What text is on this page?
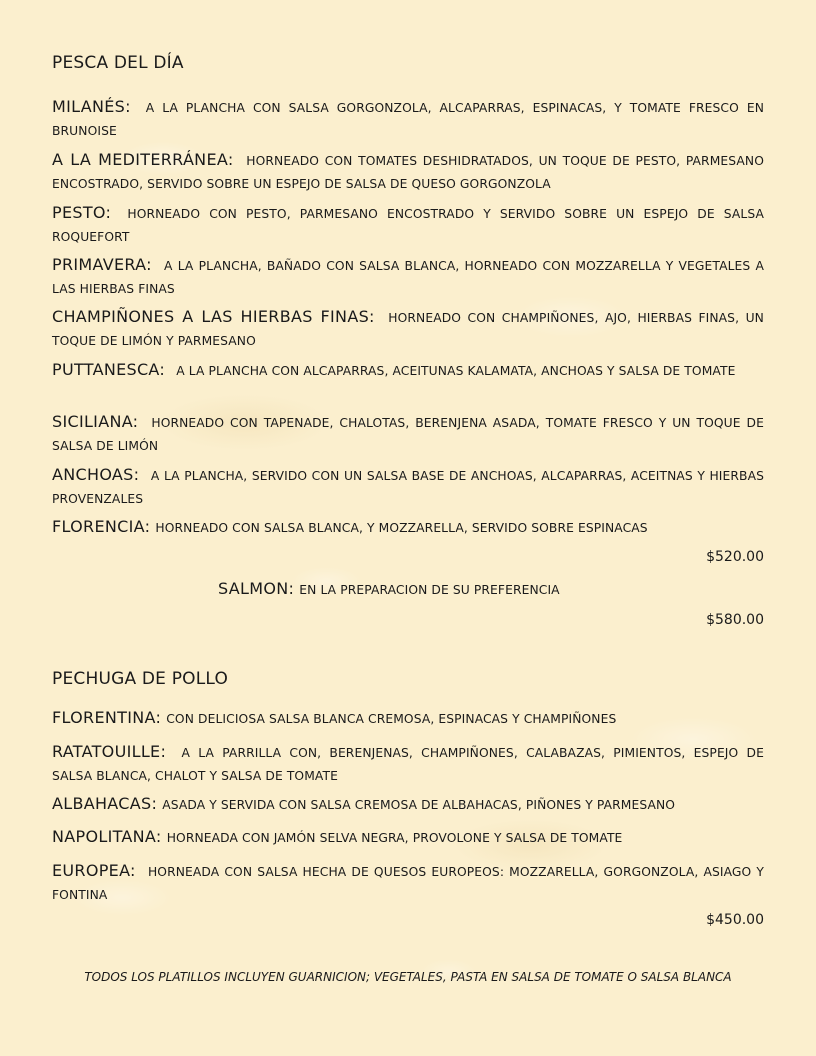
PESCA DEL DÍA
MILANÉS: A LA PLANCHA CON SALSA GORGONZOLA, ALCAPARRAS, ESPINACAS, Y TOMATE FRESCO EN BRUNOISE
A LA MEDITERRÁNEA: HORNEADO CON TOMATES DESHIDRATADOS, UN TOQUE DE PESTO, PARMESANO ENCOSTRADO, SERVIDO SOBRE UN ESPEJO DE SALSA DE QUESO GORGONZOLA
PESTO: HORNEADO CON PESTO, PARMESANO ENCOSTRADO Y SERVIDO SOBRE UN ESPEJO DE SALSA ROQUEFORT
PRIMAVERA: A LA PLANCHA, BAÑADO CON SALSA BLANCA, HORNEADO CON MOZZARELLA Y VEGETALES A LAS HIERBAS FINAS
CHAMPIÑONES A LAS HIERBAS FINAS: HORNEADO CON CHAMPIÑONES, AJO, HIERBAS FINAS, UN TOQUE DE LIMÓN Y PARMESANO
PUTTANESCA: A LA PLANCHA CON ALCAPARRAS, ACEITUNAS KALAMATA, ANCHOAS Y SALSA DE TOMATE
SICILIANA: HORNEADO CON TAPENADE, CHALOTAS, BERENJENA ASADA, TOMATE FRESCO Y UN TOQUE DE SALSA DE LIMÓN
ANCHOAS: A LA PLANCHA, SERVIDO CON UN SALSA BASE DE ANCHOAS, ALCAPARRAS, ACEITNAS Y HIERBAS PROVENZALES
FLORENCIA: HORNEADO CON SALSA BLANCA, Y MOZZARELLA, SERVIDO SOBRE ESPINACAS
$520.00
SALMON: EN LA PREPARACION DE SU PREFERENCIA
$580.00
PECHUGA DE POLLO
FLORENTINA: CON DELICIOSA SALSA BLANCA CREMOSA, ESPINACAS Y CHAMPIÑONES
RATATOUILLE: A LA PARRILLA CON, BERENJENAS, CHAMPIÑONES, CALABAZAS, PIMIENTOS, ESPEJO DE SALSA BLANCA, CHALOT Y SALSA DE TOMATE
ALBAHACAS: ASADA Y SERVIDA CON SALSA CREMOSA DE ALBAHACAS, PIÑONES Y PARMESANO
NAPOLITANA: HORNEADA CON JAMÓN SELVA NEGRA, PROVOLONE Y SALSA DE TOMATE
EUROPEA: HORNEADA CON SALSA HECHA DE QUESOS EUROPEOS: MOZZARELLA, GORGONZOLA, ASIAGO Y FONTINA
$450.00
TODOS LOS PLATILLOS INCLUYEN GUARNICION; VEGETALES, PASTA EN SALSA DE TOMATE O SALSA BLANCA
